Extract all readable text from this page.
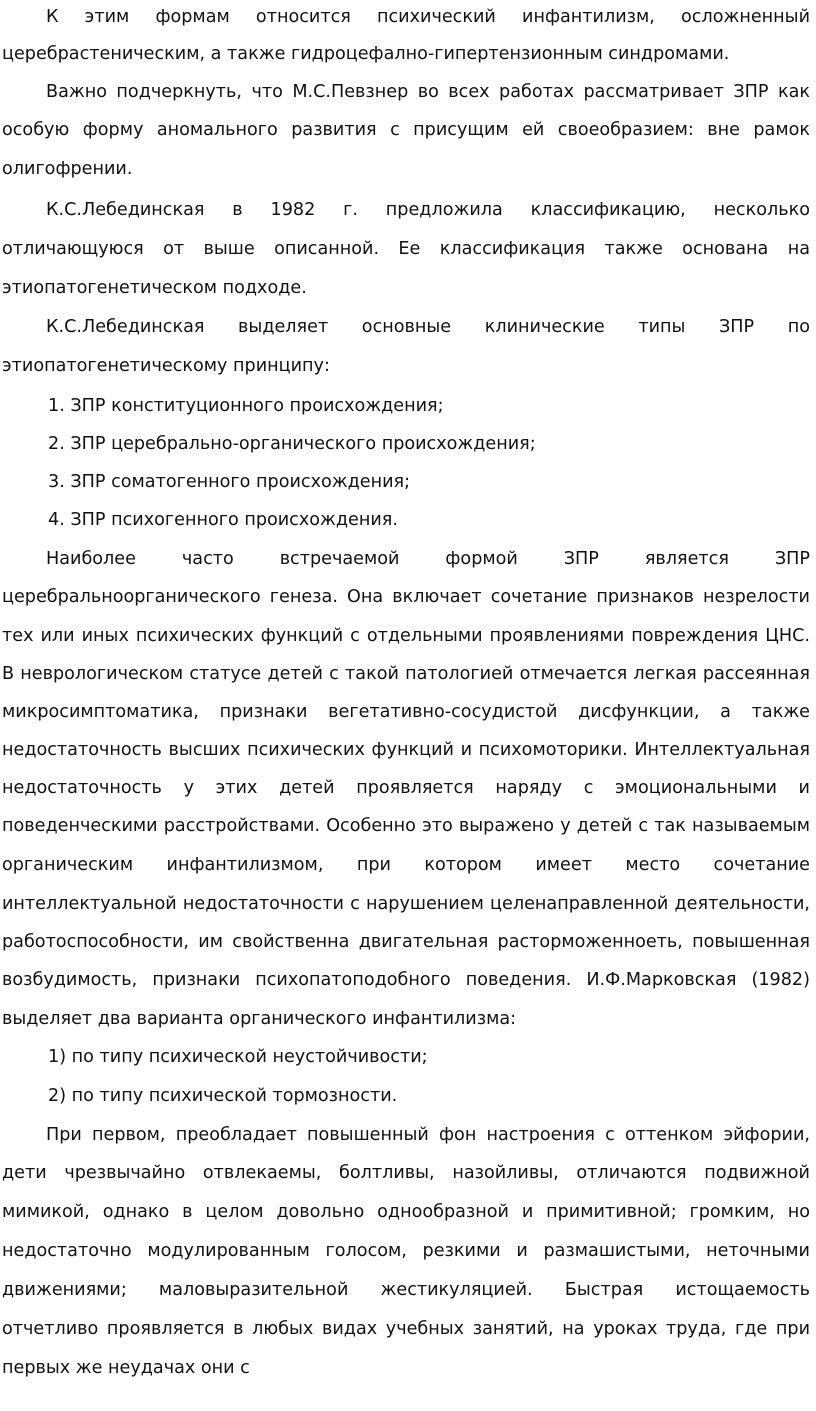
К этим формам относится психический инфантилизм, осложненный
церебрастеническим, а также гидроцефално-гипертензионным синдромами.
Важно подчеркнуть, что М.С.Певзнер во всех работах рассматривает ЗПР как
особую форму аномального развития с присущим ей своеобразием: вне рамок
олигофрении.
К.С.Лебединская в 1982 г. предложила классификацию, несколько
отличающуюся от выше описанной. Ее классификация также основана на
этиопатогенетическом подходе.
К.С.Лебединская выделяет основные клинические типы ЗПР по
этиопатогенетическому принципу:
1. ЗПР конституционного происхождения;
2. ЗПР церебрально-органического происхождения;
3. ЗПР соматогенного происхождения;
4. ЗПР психогенного происхождения.
Наиболее часто встречаемой формой ЗПР является ЗПР
церебральноорганического генеза. Она включает сочетание признаков незрелости
тех или иных психических функций с отдельными проявлениями повреждения ЦНС.
В неврологическом статусе детей с такой патологией отмечается легкая рассеянная
микросимптоматика, признаки вегетативно-сосудистой дисфункции, а также
недостаточность высших психических функций и психомоторики. Интеллектуальная
недостаточность у этих детей проявляется наряду с эмоциональными и
поведенческими расстройствами. Особенно это выражено у детей с так называемым
органическим инфантилизмом, при котором имеет место сочетание
интеллектуальной недостаточности с нарушением целенаправленной деятельности,
работоспособности, им свойственна двигательная расторможенноеть, повышенная
возбудимость, признаки психопатоподобного поведения. И.Ф.Марковская (1982)
выделяет два варианта органического инфантилизма:
1) по типу психической неустойчивости;
2) по типу психической тормозности.
При первом, преобладает повышенный фон настроения с оттенком эйфории,
дети чрезвычайно отвлекаемы, болтливы, назойливы, отличаются подвижной
мимикой, однако в целом довольно однообразной и примитивной; громким, но
недостаточно модулированным голосом, резкими и размашистыми, неточными
движениями; маловыразительной жестикуляцией. Быстрая истощаемость
отчетливо проявляется в любых видах учебных занятий, на уроках труда, где при
первых же неудачах они с
